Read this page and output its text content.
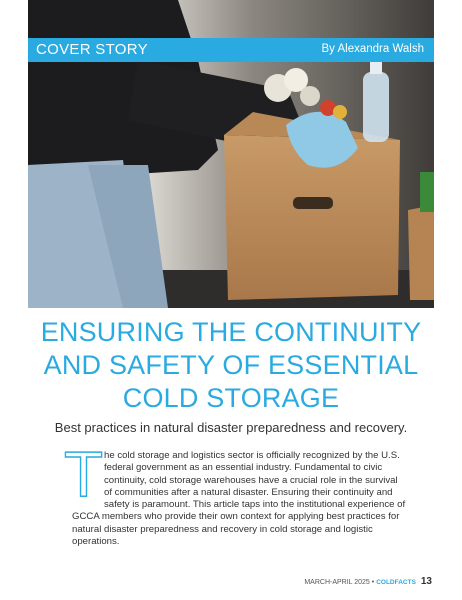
COVER STORY	By Alexandra Walsh
ENSURING THE CONTINUITY
AND SAFETY OF ESSENTIAL
COLD STORAGE
Best practices in natural disaster preparedness and recovery.
T he cold storage and logistics sector is officially recognized by the U.S. federal government as an essential industry. Fundamental to civic continuity, cold storage warehouses have a crucial role in the survival of communities after a natural disaster. Ensuring their continuity and safety is paramount. This article taps into the institutional experience of GCCA members who provide their own context for applying best practices for natural disaster preparedness and recovery in cold storage and logistic operations.
MARCH-APRIL 2025 • COLDFACTS 13
